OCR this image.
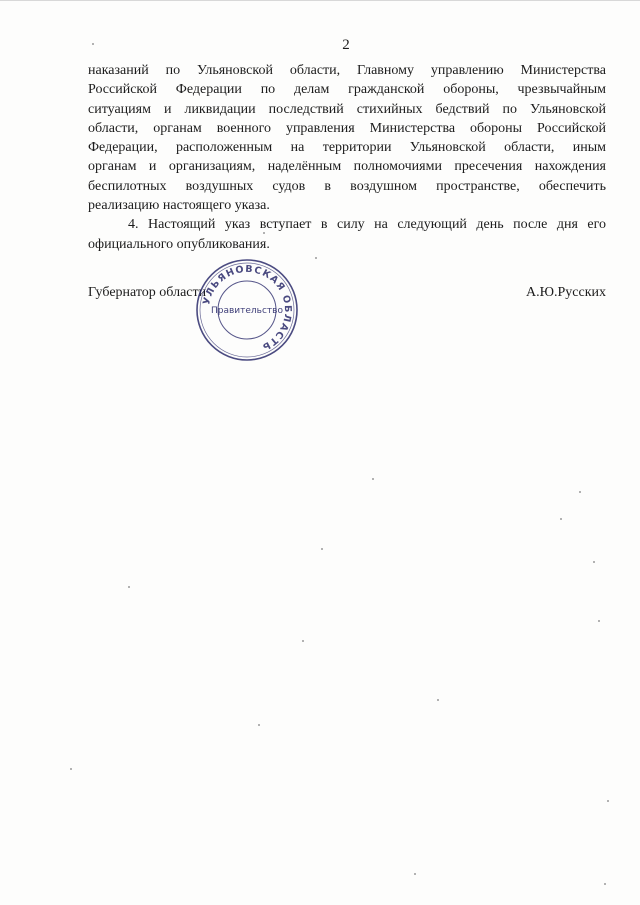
2

наказаний по Ульяновской области, Главному управлению Министерства
Российской Федерации по делам гражданской обороны, чрезвычайным
ситуациям и ликвидации последствий стихийных бедствий по Ульяновской
области, органам военного управления Министерства обороны Российской
Федерации, расположенным на территории Ульяновской области, иным
органам и организациям, наделённым полномочиями пресечения нахождения
беспилотных воздушных судов в воздушном пространстве, обеспечить
реализацию настоящего указа.

4. Настоящий указ вступает в силу на следующий день после дня его
официального опубликования.

Губернатор области	А.Ю.Русских
УЛЬЯНОВСКАЯ ОБЛАСТЬ
Правительство
